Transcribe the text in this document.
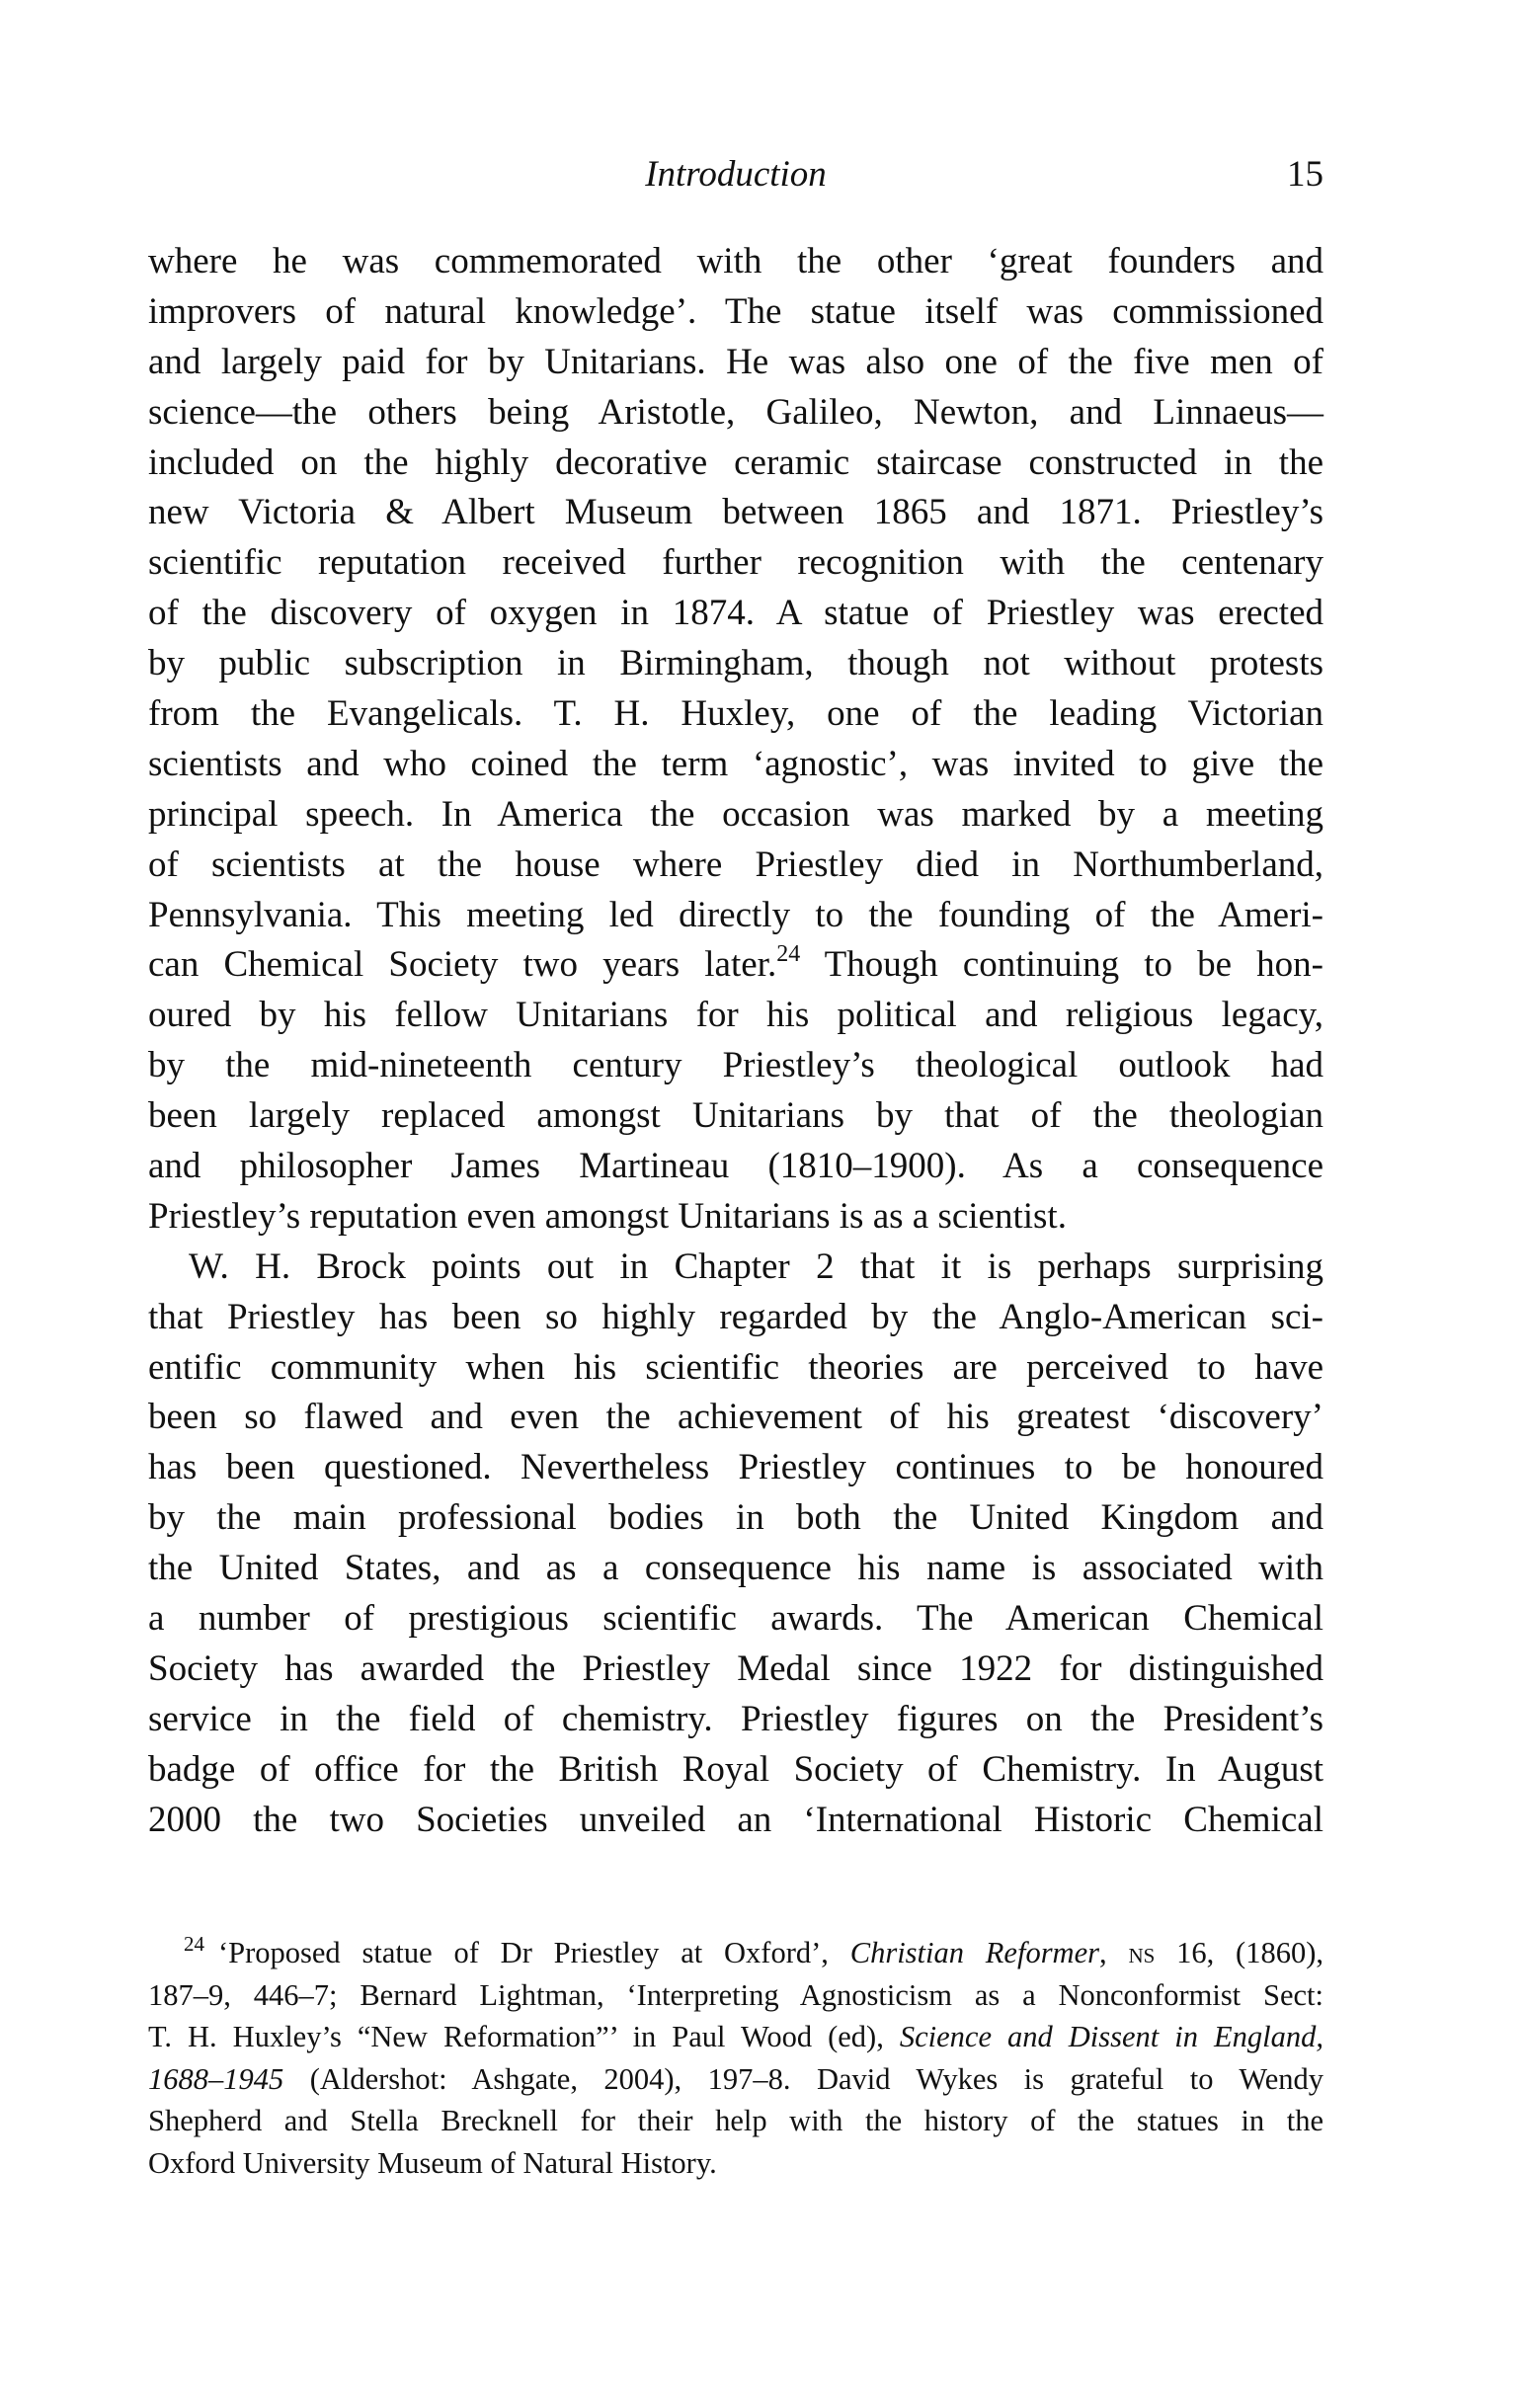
Introduction	15
where he was commemorated with the other ‘great founders and
improvers of natural knowledge’. The statue itself was commissioned
and largely paid for by Unitarians. He was also one of the five men of
science—the others being Aristotle, Galileo, Newton, and Linnaeus—
included on the highly decorative ceramic staircase constructed in the
new Victoria & Albert Museum between 1865 and 1871. Priestley’s
scientific reputation received further recognition with the centenary
of the discovery of oxygen in 1874. A statue of Priestley was erected
by public subscription in Birmingham, though not without protests
from the Evangelicals. T. H. Huxley, one of the leading Victorian
scientists and who coined the term ‘agnostic’, was invited to give the
principal speech. In America the occasion was marked by a meeting
of scientists at the house where Priestley died in Northumberland,
Pennsylvania. This meeting led directly to the founding of the Ameri-
can Chemical Society two years later.$^{24}$ Though continuing to be hon-
oured by his fellow Unitarians for his political and religious legacy,
by the mid-nineteenth century Priestley’s theological outlook had
been largely replaced amongst Unitarians by that of the theologian
and philosopher James Martineau (1810–1900). As a consequence
Priestley’s reputation even amongst Unitarians is as a scientist.
W. H. Brock points out in Chapter 2 that it is perhaps surprising
that Priestley has been so highly regarded by the Anglo-American sci-
entific community when his scientific theories are perceived to have
been so flawed and even the achievement of his greatest ‘discovery’
has been questioned. Nevertheless Priestley continues to be honoured
by the main professional bodies in both the United Kingdom and
the United States, and as a consequence his name is associated with
a number of prestigious scientific awards. The American Chemical
Society has awarded the Priestley Medal since 1922 for distinguished
service in the field of chemistry. Priestley figures on the President’s
badge of office for the British Royal Society of Chemistry. In August
2000 the two Societies unveiled an ‘International Historic Chemical
$^{24}$ ‘Proposed statue of Dr Priestley at Oxford’, Christian Reformer, ns 16, (1860),
187–9, 446–7; Bernard Lightman, ‘Interpreting Agnosticism as a Nonconformist Sect:
T. H. Huxley’s “New Reformation”’ in Paul Wood (ed), Science and Dissent in England,
1688–1945 (Aldershot: Ashgate, 2004), 197–8. David Wykes is grateful to Wendy
Shepherd and Stella Brecknell for their help with the history of the statues in the
Oxford University Museum of Natural History.
